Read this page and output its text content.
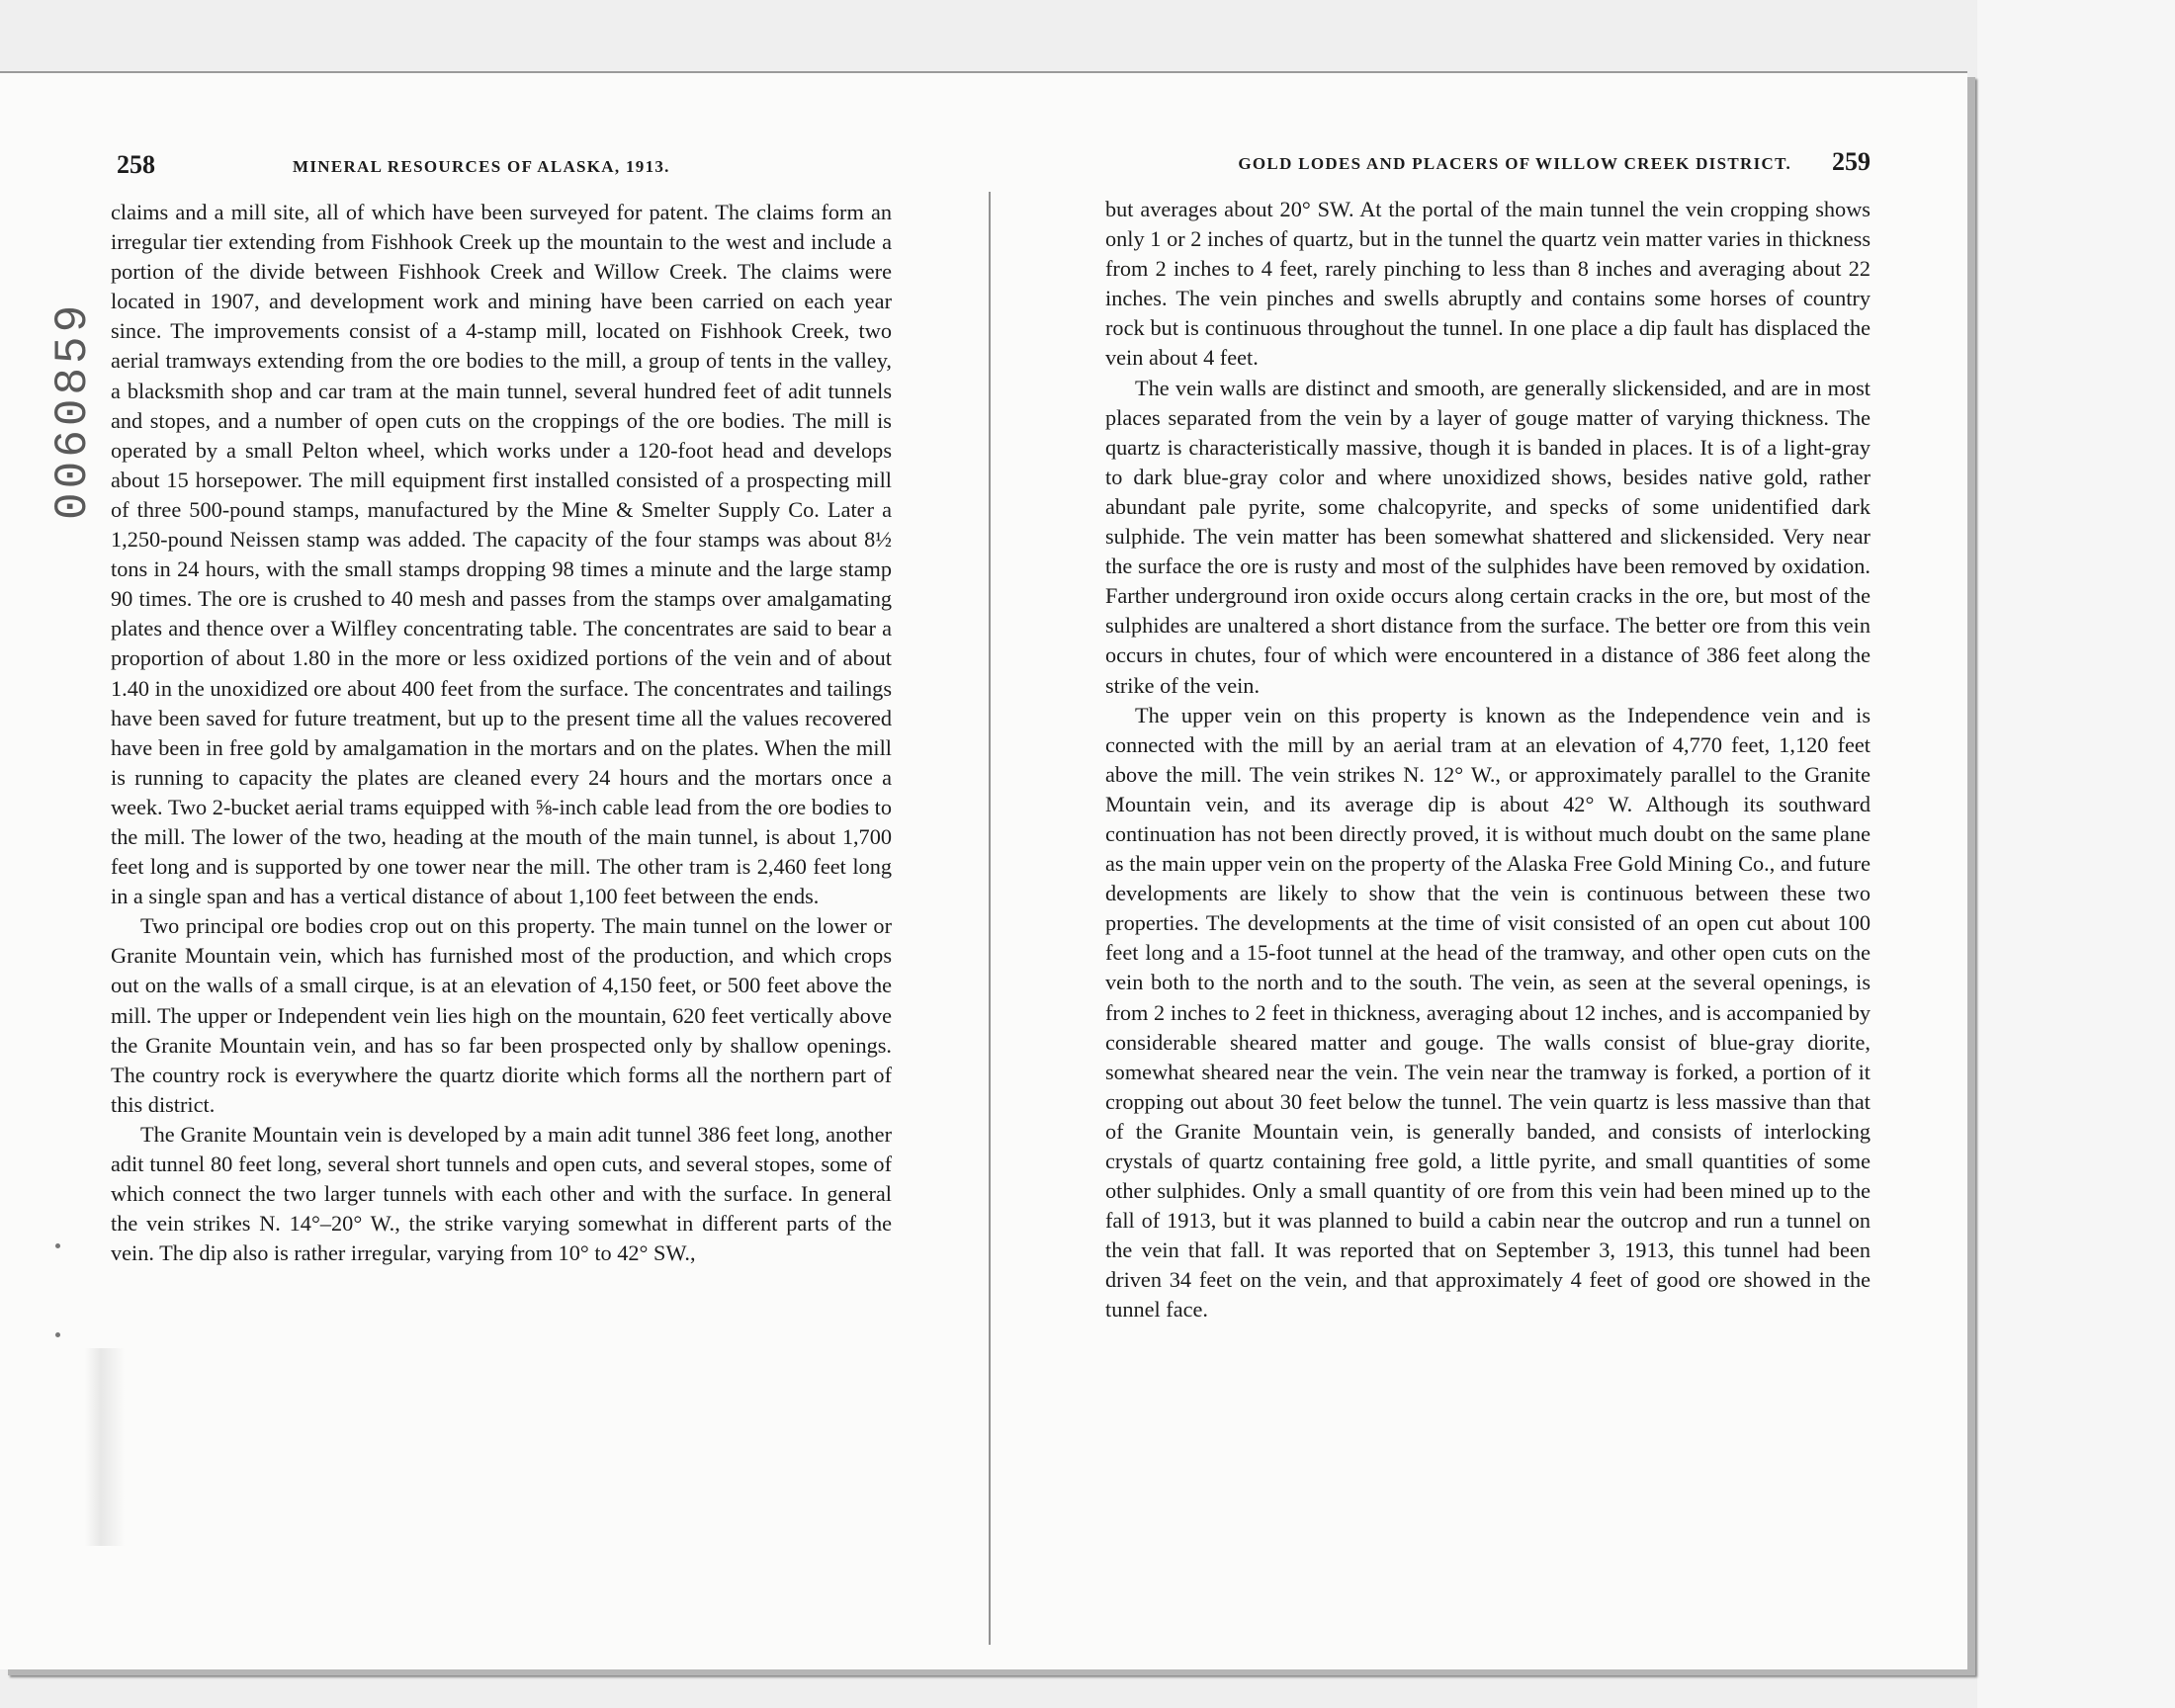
0060859
258	MINERAL RESOURCES OF ALASKA, 1913.

claims and a mill site, all of which have been surveyed for patent. The claims form an irregular tier extending from Fishhook Creek up the mountain to the west and include a portion of the divide between Fishhook Creek and Willow Creek. The claims were located in 1907, and development work and mining have been carried on each year since. The improvements consist of a 4-stamp mill, located on Fishhook Creek, two aerial tramways extending from the ore bodies to the mill, a group of tents in the valley, a blacksmith shop and car tram at the main tunnel, several hundred feet of adit tunnels and stopes, and a number of open cuts on the croppings of the ore bodies. The mill is operated by a small Pelton wheel, which works under a 120-foot head and develops about 15 horsepower. The mill equipment first installed consisted of a prospecting mill of three 500-pound stamps, manufactured by the Mine & Smelter Supply Co. Later a 1,250-pound Neissen stamp was added. The capacity of the four stamps was about 8½ tons in 24 hours, with the small stamps dropping 98 times a minute and the large stamp 90 times. The ore is crushed to 40 mesh and passes from the stamps over amalgamating plates and thence over a Wilfley concentrating table. The concentrates are said to bear a proportion of about 1.80 in the more or less oxidized portions of the vein and of about 1.40 in the unoxidized ore about 400 feet from the surface. The concentrates and tailings have been saved for future treatment, but up to the present time all the values recovered have been in free gold by amalgamation in the mortars and on the plates. When the mill is running to capacity the plates are cleaned every 24 hours and the mortars once a week. Two 2-bucket aerial trams equipped with ⅝-inch cable lead from the ore bodies to the mill. The lower of the two, heading at the mouth of the main tunnel, is about 1,700 feet long and is supported by one tower near the mill. The other tram is 2,460 feet long in a single span and has a vertical distance of about 1,100 feet between the ends.

Two principal ore bodies crop out on this property. The main tunnel on the lower or Granite Mountain vein, which has furnished most of the production, and which crops out on the walls of a small cirque, is at an elevation of 4,150 feet, or 500 feet above the mill. The upper or Independent vein lies high on the mountain, 620 feet vertically above the Granite Mountain vein, and has so far been prospected only by shallow openings. The country rock is everywhere the quartz diorite which forms all the northern part of this district.

The Granite Mountain vein is developed by a main adit tunnel 386 feet long, another adit tunnel 80 feet long, several short tunnels and open cuts, and several stopes, some of which connect the two larger tunnels with each other and with the surface. In general the vein strikes N. 14°–20° W., the strike varying somewhat in different parts of the vein. The dip also is rather irregular, varying from 10° to 42° SW.,

GOLD LODES AND PLACERS OF WILLOW CREEK DISTRICT. 259

but averages about 20° SW. At the portal of the main tunnel the vein cropping shows only 1 or 2 inches of quartz, but in the tunnel the quartz vein matter varies in thickness from 2 inches to 4 feet, rarely pinching to less than 8 inches and averaging about 22 inches. The vein pinches and swells abruptly and contains some horses of country rock but is continuous throughout the tunnel. In one place a dip fault has displaced the vein about 4 feet.

The vein walls are distinct and smooth, are generally slickensided, and are in most places separated from the vein by a layer of gouge matter of varying thickness. The quartz is characteristically massive, though it is banded in places. It is of a light-gray to dark blue-gray color and where unoxidized shows, besides native gold, rather abundant pale pyrite, some chalcopyrite, and specks of some unidentified dark sulphide. The vein matter has been somewhat shattered and slickensided. Very near the surface the ore is rusty and most of the sulphides have been removed by oxidation. Farther underground iron oxide occurs along certain cracks in the ore, but most of the sulphides are unaltered a short distance from the surface. The better ore from this vein occurs in chutes, four of which were encountered in a distance of 386 feet along the strike of the vein.

The upper vein on this property is known as the Independence vein and is connected with the mill by an aerial tram at an elevation of 4,770 feet, 1,120 feet above the mill. The vein strikes N. 12° W., or approximately parallel to the Granite Mountain vein, and its average dip is about 42° W. Although its southward continuation has not been directly proved, it is without much doubt on the same plane as the main upper vein on the property of the Alaska Free Gold Mining Co., and future developments are likely to show that the vein is continuous between these two properties. The developments at the time of visit consisted of an open cut about 100 feet long and a 15-foot tunnel at the head of the tramway, and other open cuts on the vein both to the north and to the south. The vein, as seen at the several openings, is from 2 inches to 2 feet in thickness, averaging about 12 inches, and is accompanied by considerable sheared matter and gouge. The walls consist of blue-gray diorite, somewhat sheared near the vein. The vein near the tramway is forked, a portion of it cropping out about 30 feet below the tunnel. The vein quartz is less massive than that of the Granite Mountain vein, is generally banded, and consists of interlocking crystals of quartz containing free gold, a little pyrite, and small quantities of some other sulphides. Only a small quantity of ore from this vein had been mined up to the fall of 1913, but it was planned to build a cabin near the outcrop and run a tunnel on the vein that fall. It was reported that on September 3, 1913, this tunnel had been driven 34 feet on the vein, and that approximately 4 feet of good ore showed in the tunnel face.
